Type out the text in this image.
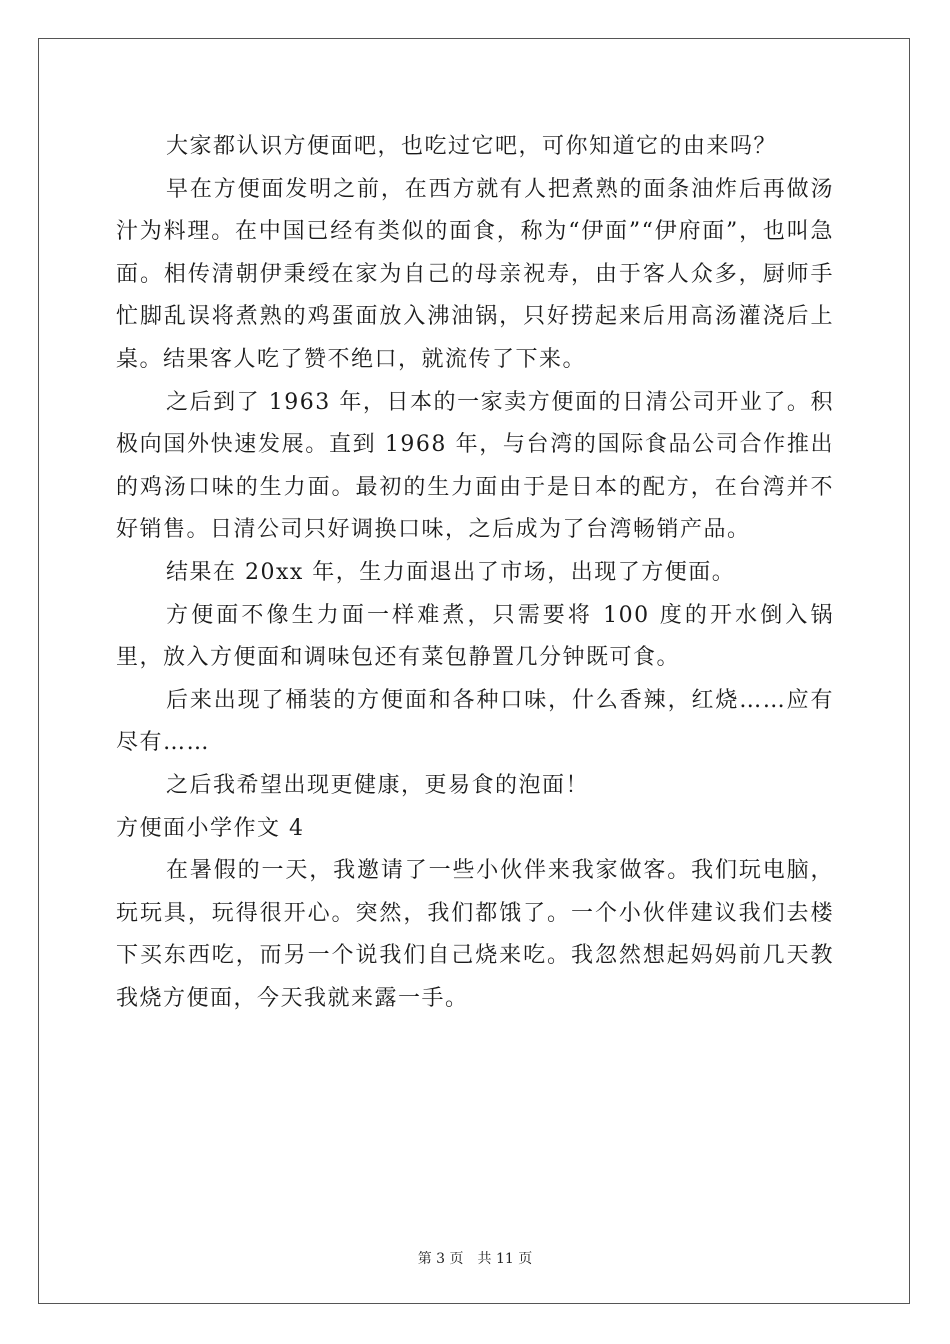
大家都认识方便面吧，也吃过它吧，可你知道它的由来吗？

早在方便面发明之前，在西方就有人把煮熟的面条油炸后再做汤汁为料理。在中国已经有类似的面食，称为“伊面”“伊府面”，也叫急面。相传清朝伊秉绶在家为自己的母亲祝寿，由于客人众多，厨师手忙脚乱误将煮熟的鸡蛋面放入沸油锅，只好捞起来后用高汤灌浇后上桌。结果客人吃了赞不绝口，就流传了下来。

之后到了 1963 年，日本的一家卖方便面的日清公司开业了。积极向国外快速发展。直到 1968 年，与台湾的国际食品公司合作推出的鸡汤口味的生力面。最初的生力面由于是日本的配方，在台湾并不好销售。日清公司只好调换口味，之后成为了台湾畅销产品。

结果在 20xx 年，生力面退出了市场，出现了方便面。

方便面不像生力面一样难煮，只需要将 100 度的开水倒入锅里，放入方便面和调味包还有菜包静置几分钟既可食。

后来出现了桶装的方便面和各种口味，什么香辣，红烧……应有尽有……

之后我希望出现更健康，更易食的泡面！

方便面小学作文 4

在暑假的一天，我邀请了一些小伙伴来我家做客。我们玩电脑，玩玩具，玩得很开心。突然，我们都饿了。一个小伙伴建议我们去楼下买东西吃，而另一个说我们自己烧来吃。我忽然想起妈妈前几天教我烧方便面，今天我就来露一手。

第 3 页 共 11 页
